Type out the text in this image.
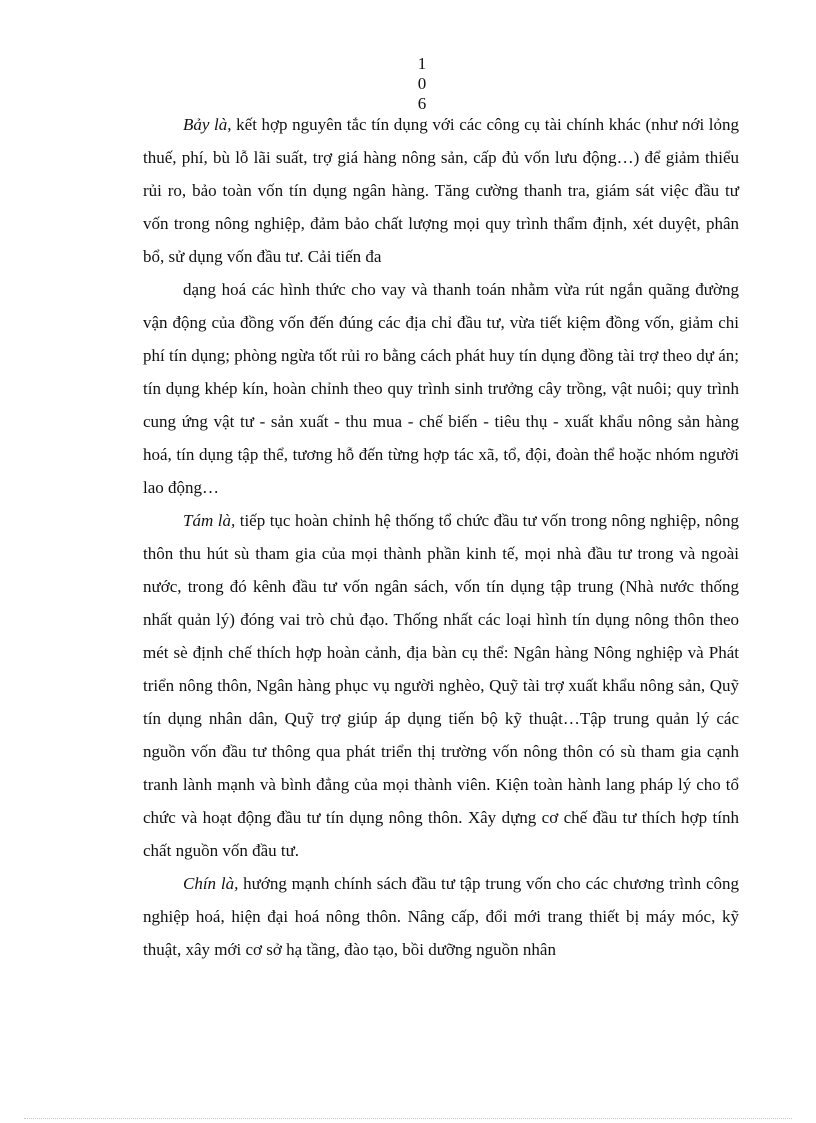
1
0
6

Bảy là, kết hợp nguyên tắc tín dụng với các công cụ tài chính khác (như nới lỏng thuế, phí, bù lỗ lãi suất, trợ giá hàng nông sản, cấp đủ vốn lưu động…) để giảm thiểu rủi ro, bảo toàn vốn tín dụng ngân hàng. Tăng cường thanh tra, giám sát việc đầu tư vốn trong nông nghiệp, đảm bảo chất lượng mọi quy trình thẩm định, xét duyệt, phân bổ, sử dụng vốn đầu tư. Cải tiến đa

dạng hoá các hình thức cho vay và thanh toán nhằm vừa rút ngắn quãng đường vận động của đồng vốn đến đúng các địa chỉ đầu tư, vừa tiết kiệm đồng vốn, giảm chi phí tín dụng; phòng ngừa tốt rủi ro bằng cách phát huy tín dụng đồng tài trợ theo dự án; tín dụng khép kín, hoàn chỉnh theo quy trình sinh trưởng cây trồng, vật nuôi; quy trình cung ứng vật tư - sản xuất - thu mua - chế biến - tiêu thụ - xuất khẩu nông sản hàng hoá, tín dụng tập thể, tương hỗ đến từng hợp tác xã, tổ, đội, đoàn thể hoặc nhóm người lao động…

Tám là, tiếp tục hoàn chỉnh hệ thống tổ chức đầu tư vốn trong nông nghiệp, nông thôn thu hút sù tham gia của mọi thành phần kinh tế, mọi nhà đầu tư trong và ngoài nước, trong đó kênh đầu tư vốn ngân sách, vốn tín dụng tập trung (Nhà nước thống nhất quản lý) đóng vai trò chủ đạo. Thống nhất các loại hình tín dụng nông thôn theo mét sè định chế thích hợp hoàn cảnh, địa bàn cụ thể: Ngân hàng Nông nghiệp và Phát triển nông thôn, Ngân hàng phục vụ người nghèo, Quỹ tài trợ xuất khẩu nông sản, Quỹ tín dụng nhân dân, Quỹ trợ giúp áp dụng tiến bộ kỹ thuật…Tập trung quản lý các nguồn vốn đầu tư thông qua phát triển thị trường vốn nông thôn có sù tham gia cạnh tranh lành mạnh và bình đẳng của mọi thành viên. Kiện toàn hành lang pháp lý cho tổ chức và hoạt động đầu tư tín dụng nông thôn. Xây dựng cơ chế đầu tư thích hợp tính chất nguồn vốn đầu tư.

Chín là, hướng mạnh chính sách đầu tư tập trung vốn cho các chương trình công nghiệp hoá, hiện đại hoá nông thôn. Nâng cấp, đổi mới trang thiết bị máy móc, kỹ thuật, xây mới cơ sở hạ tầng, đào tạo, bồi dưỡng nguồn nhân
